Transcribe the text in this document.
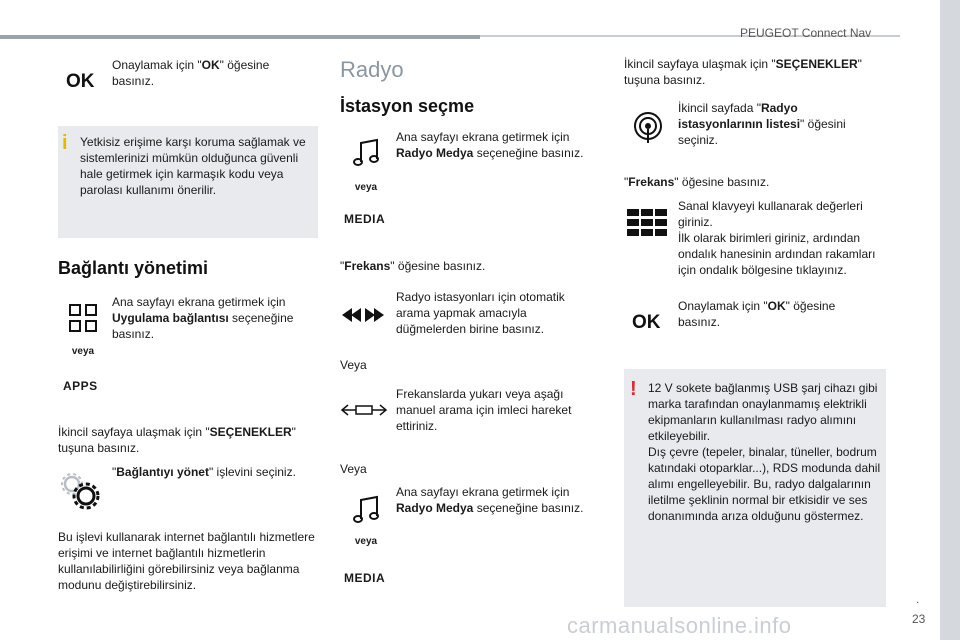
PEUGEOT Connect Nav
.
23
carmanualsonline.info
OK
Onaylamak için "OK" öğesine basınız.
i Yetkisiz erişime karşı koruma sağlamak ve sistemlerinizi mümkün olduğunca güvenli hale getirmek için karmaşık kodu veya parolası kullanımı önerilir.
Bağlantı yönetimi
veya
APPS
Ana sayfayı ekrana getirmek için Uygulama bağlantısı seçeneğine basınız.
İkincil sayfaya ulaşmak için "SEÇENEKLER" tuşuna basınız.
"Bağlantıyı yönet" işlevini seçiniz.
Bu işlevi kullanarak internet bağlantılı hizmetlere erişimi ve internet bağlantılı hizmetlerin kullanılabilirliğini görebilirsiniz veya bağlanma modunu değiştirebilirsiniz.
Radyo
İstasyon seçme
veya
MEDIA
Ana sayfayı ekrana getirmek için Radyo Medya seçeneğine basınız.
"Frekans" öğesine basınız.
Radyo istasyonları için otomatik arama yapmak amacıyla düğmelerden birine basınız.
Veya
Frekanslarda yukarı veya aşağı manuel arama için imleci hareket ettiriniz.
Veya
veya
MEDIA
Ana sayfayı ekrana getirmek için Radyo Medya seçeneğine basınız.
İkincil sayfaya ulaşmak için "SEÇENEKLER" tuşuna basınız.
İkincil sayfada "Radyo istasyonlarının listesi" öğesini seçiniz.
"Frekans" öğesine basınız.
Sanal klavyeyi kullanarak değerleri giriniz.
İlk olarak birimleri giriniz, ardından ondalık hanesinin ardından rakamları için ondalık bölgesine tıklayınız.
OK
Onaylamak için "OK" öğesine basınız.
! 12 V sokete bağlanmış USB şarj cihazı gibi marka tarafından onaylanmamış elektrikli ekipmanların kullanılması radyo alımını etkileyebilir.
Dış çevre (tepeler, binalar, tüneller, bodrum katındaki otoparklar...), RDS modunda dahil alımı engelleyebilir. Bu, radyo dalgalarının iletilme şeklinin normal bir etkisidir ve ses donanımında arıza olduğunu göstermez.
